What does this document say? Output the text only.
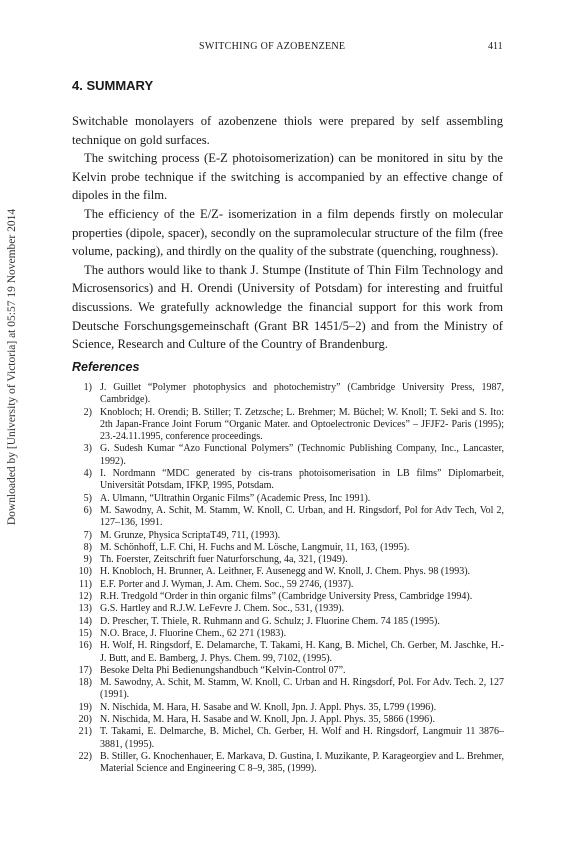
Downloaded by [University of Victoria] at 05:57 19 November 2014
SWITCHING OF AZOBENZENE	411
4. SUMMARY

Switchable monolayers of azobenzene thiols were prepared by self assembling technique on gold surfaces.

The switching process (E-Z photoisomerization) can be monitored in situ by the Kelvin probe technique if the switching is accompanied by an effective change of dipoles in the film.

The efficiency of the E/Z- isomerization in a film depends firstly on molecular properties (dipole, spacer), secondly on the supramolecular structure of the film (free volume, packing), and thirdly on the quality of the substrate (quenching, roughness).

The authors would like to thank J. Stumpe (Institute of Thin Film Technology and Microsensorics) and H. Orendi (University of Potsdam) for interesting and fruitful discussions. We gratefully acknowledge the financial support for this work from Deutsche Forschungsgemeinschaft (Grant BR 1451/5–2) and from the Ministry of Science, Research and Culture of the Country of Brandenburg.

References
1) J. Guillet “Polymer photophysics and photochemistry” (Cambridge University Press, 1987, Cambridge).
2) Knobloch; H. Orendi; B. Stiller; T. Zetzsche; L. Brehmer; M. Büchel; W. Knoll; T. Seki and S. Ito: 2th Japan-France Joint Forum “Organic Mater. and Optoelectronic Devices” – JFJF2- Paris (1995); 23.-24.11.1995, conference proceedings.
3) G. Sudesh Kumar “Azo Functional Polymers” (Technomic Publishing Company, Inc., Lancaster, 1992).
4) I. Nordmann “MDC generated by cis-trans photoisomerisation in LB films” Diplomarbeit, Universität Potsdam, IFKP, 1995, Potsdam.
5) A. Ulmann, “Ultrathin Organic Films” (Academic Press, Inc 1991).
6) M. Sawodny, A. Schit, M. Stamm, W. Knoll, C. Urban, and H. Ringsdorf, Pol for Adv Tech, Vol 2, 127–136, 1991.
7) M. Grunze, Physica ScriptaT49, 711, (1993).
8) M. Schönhoff, L.F. Chi, H. Fuchs and M. Lösche, Langmuir, 11, 163, (1995).
9) Th. Foerster, Zeitschrift fuer Naturforschung, 4a, 321, (1949).
10) H. Knobloch, H. Brunner, A. Leithner, F. Ausenegg and W. Knoll, J. Chem. Phys. 98 (1993).
11) E.F. Porter and J. Wyman, J. Am. Chem. Soc., 59 2746, (1937).
12) R.H. Tredgold “Order in thin organic films” (Cambridge University Press, Cambridge 1994).
13) G.S. Hartley and R.J.W. LeFevre J. Chem. Soc., 531, (1939).
14) D. Prescher, T. Thiele, R. Ruhmann and G. Schulz; J. Fluorine Chem. 74 185 (1995).
15) N.O. Brace, J. Fluorine Chem., 62 271 (1983).
16) H. Wolf, H. Ringsdorf, E. Delamarche, T. Takami, H. Kang, B. Michel, Ch. Gerber, M. Jaschke, H.-J. Butt, and E. Bamberg, J. Phys. Chem. 99, 7102, (1995).
17) Besoke Delta Phi Bedienungshandbuch “Kelvin-Control 07”.
18) M. Sawodny, A. Schit, M. Stamm, W. Knoll, C. Urban and H. Ringsdorf, Pol. For Adv. Tech. 2, 127 (1991).
19) N. Nischida, M. Hara, H. Sasabe and W. Knoll, Jpn. J. Appl. Phys. 35, L799 (1996).
20) N. Nischida, M. Hara, H. Sasabe and W. Knoll, Jpn. J. Appl. Phys. 35, 5866 (1996).
21) T. Takami, E. Delmarche, B. Michel, Ch. Gerber, H. Wolf and H. Ringsdorf, Langmuir 11 3876–3881, (1995).
22) B. Stiller, G. Knochenhauer, E. Markava, D. Gustina, I. Muzikante, P. Karageorgiev and L. Brehmer, Material Science and Engineering C 8–9, 385, (1999).
